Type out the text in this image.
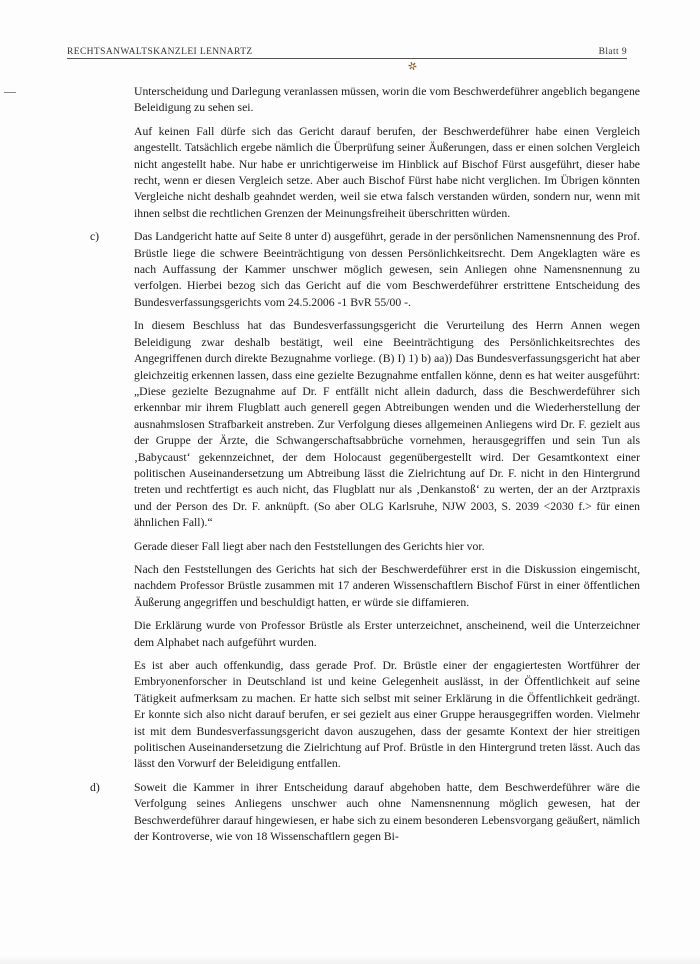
RECHTSANWALTSKANZLEI LENNARTZ	Blatt 9
✲

Unterscheidung und Darlegung veranlassen müssen, worin die vom Beschwerdeführer angeblich begangene Beleidigung zu sehen sei.

Auf keinen Fall dürfe sich das Gericht darauf berufen, der Beschwerdeführer habe einen Vergleich angestellt. Tatsächlich ergebe nämlich die Überprüfung seiner Äußerungen, dass er einen solchen Vergleich nicht angestellt habe. Nur habe er unrichtigerweise im Hinblick auf Bischof Fürst ausgeführt, dieser habe recht, wenn er diesen Vergleich setze. Aber auch Bischof Fürst habe nicht verglichen. Im Übrigen könnten Vergleiche nicht deshalb geahndet werden, weil sie etwa falsch verstanden würden, sondern nur, wenn mit ihnen selbst die rechtlichen Grenzen der Meinungsfreiheit überschritten würden.

c)	Das Landgericht hatte auf Seite 8 unter d) ausgeführt, gerade in der persönlichen Namensnennung des Prof. Brüstle liege die schwere Beeinträchtigung von dessen Persönlichkeitsrecht. Dem Angeklagten wäre es nach Auffassung der Kammer unschwer möglich gewesen, sein Anliegen ohne Namensnennung zu verfolgen. Hierbei bezog sich das Gericht auf die vom Beschwerdeführer erstrittene Entscheidung des Bundesverfassungsgerichts vom 24.5.2006 -1 BvR 55/00 -.

In diesem Beschluss hat das Bundesverfassungsgericht die Verurteilung des Herrn Annen wegen Beleidigung zwar deshalb bestätigt, weil eine Beeinträchtigung des Persönlichkeitsrechtes des Angegriffenen durch direkte Bezugnahme vorliege. (B) I) 1) b) aa)) Das Bundesverfassungsgericht hat aber gleichzeitig erkennen lassen, dass eine gezielte Bezugnahme entfallen könne, denn es hat weiter ausgeführt: „Diese gezielte Bezugnahme auf Dr. F entfällt nicht allein dadurch, dass die Beschwerdeführer sich erkennbar mir ihrem Flugblatt auch generell gegen Abtreibungen wenden und die Wiederherstellung der ausnahmslosen Strafbarkeit anstreben. Zur Verfolgung dieses allgemeinen Anliegens wird Dr. F. gezielt aus der Gruppe der Ärzte, die Schwangerschaftsabbrüche vornehmen, herausgegriffen und sein Tun als ‚Babycaust‘ gekennzeichnet, der dem Holocaust gegenübergestellt wird. Der Gesamtkontext einer politischen Auseinandersetzung um Abtreibung lässt die Zielrichtung auf Dr. F. nicht in den Hintergrund treten und rechtfertigt es auch nicht, das Flugblatt nur als ‚Denkanstoß‘ zu werten, der an der Arztpraxis und der Person des Dr. F. anknüpft. (So aber OLG Karlsruhe, NJW 2003, S. 2039 <2030 f.> für einen ähnlichen Fall).“

Gerade dieser Fall liegt aber nach den Feststellungen des Gerichts hier vor.

Nach den Feststellungen des Gerichts hat sich der Beschwerdeführer erst in die Diskussion eingemischt, nachdem Professor Brüstle zusammen mit 17 anderen Wissenschaftlern Bischof Fürst in einer öffentlichen Äußerung angegriffen und beschuldigt hatten, er würde sie diffamieren.

Die Erklärung wurde von Professor Brüstle als Erster unterzeichnet, anscheinend, weil die Unterzeichner dem Alphabet nach aufgeführt wurden.

Es ist aber auch offenkundig, dass gerade Prof. Dr. Brüstle einer der engagiertesten Wortführer der Embryonenforscher in Deutschland ist und keine Gelegenheit auslässt, in der Öffentlichkeit auf seine Tätigkeit aufmerksam zu machen. Er hatte sich selbst mit seiner Erklärung in die Öffentlichkeit gedrängt. Er konnte sich also nicht darauf berufen, er sei gezielt aus einer Gruppe herausgegriffen worden. Vielmehr ist mit dem Bundesverfassungsgericht davon auszugehen, dass der gesamte Kontext der hier streitigen politischen Auseinandersetzung die Zielrichtung auf Prof. Brüstle in den Hintergrund treten lässt. Auch das lässt den Vorwurf der Beleidigung entfallen.

d)	Soweit die Kammer in ihrer Entscheidung darauf abgehoben hatte, dem Beschwerdeführer wäre die Verfolgung seines Anliegens unschwer auch ohne Namensnennung möglich gewesen, hat der Beschwerdeführer darauf hingewiesen, er habe sich zu einem besonderen Lebensvorgang geäußert, nämlich der Kontroverse, wie von 18 Wissenschaftlern gegen Bi-
